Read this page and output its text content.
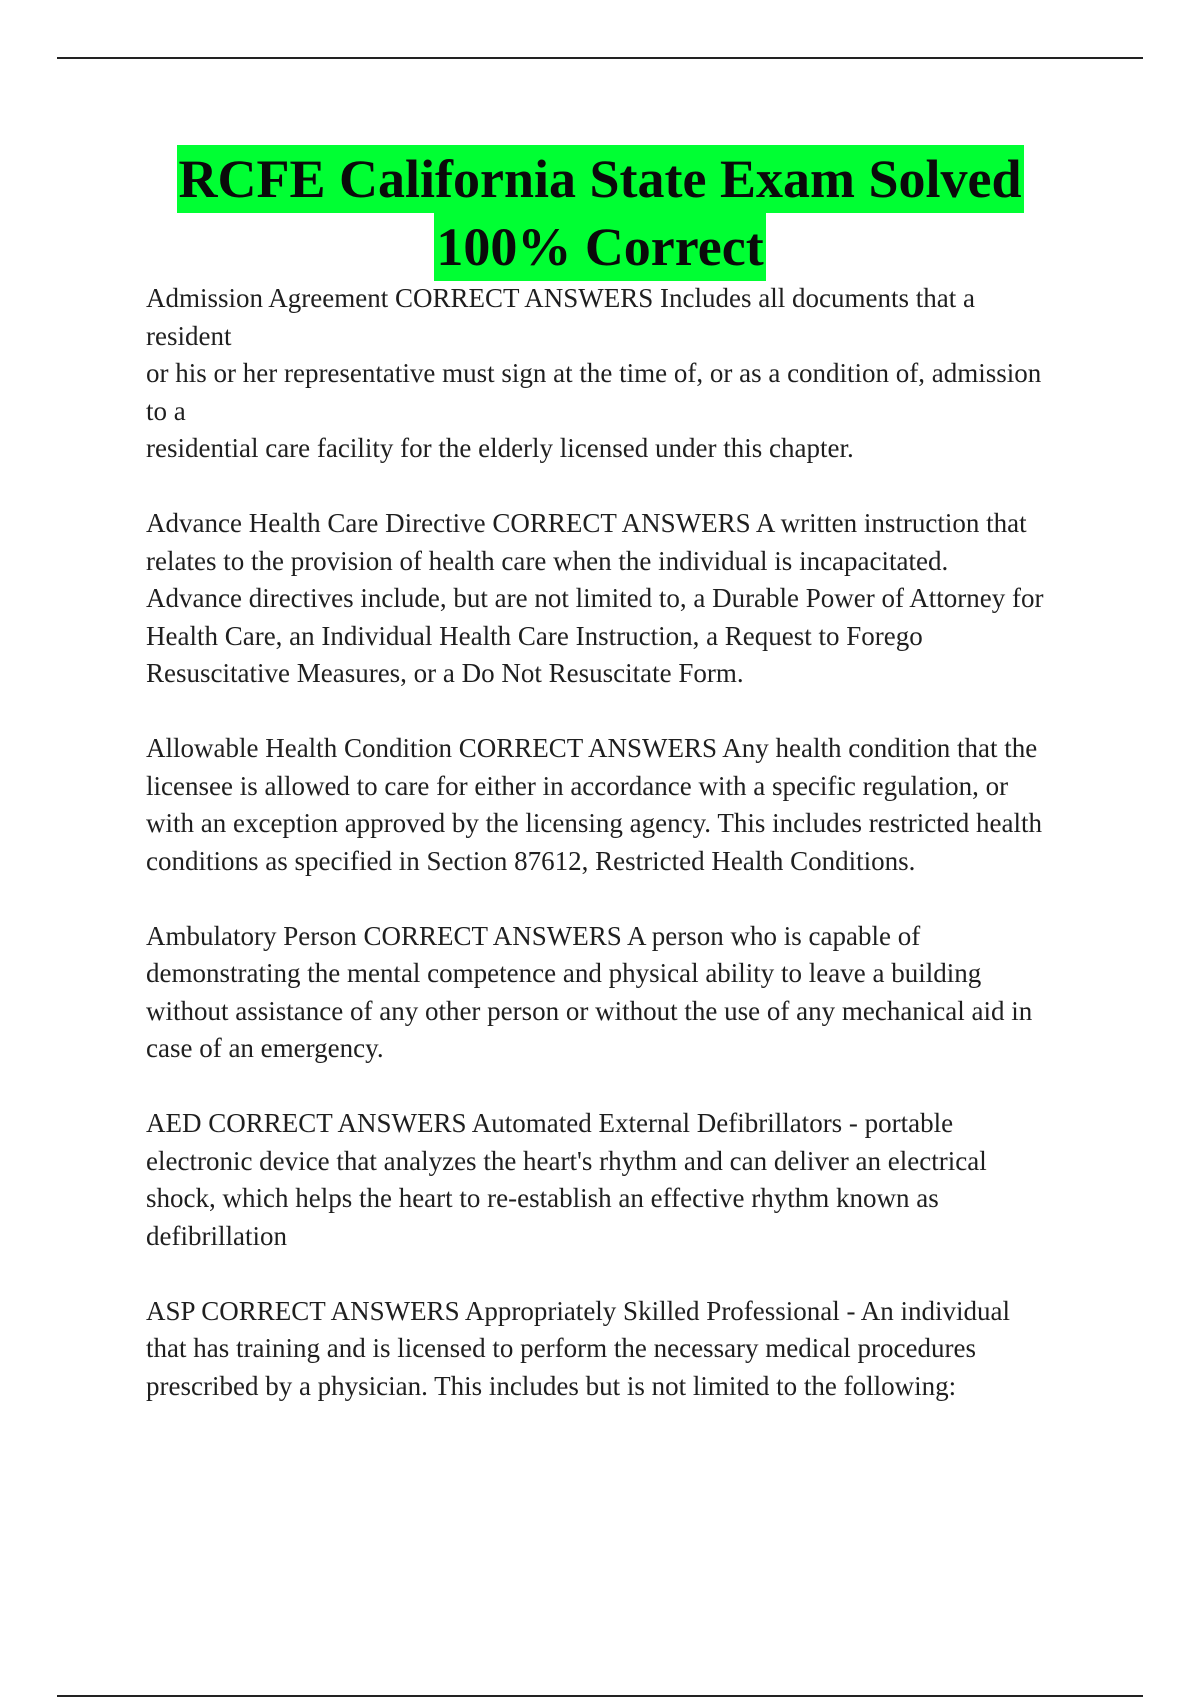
RCFE California State Exam Solved
100% Correct
Admission Agreement CORRECT ANSWERS Includes all documents that a
resident
or his or her representative must sign at the time of, or as a condition of, admission
to a
residential care facility for the elderly licensed under this chapter.
Advance Health Care Directive CORRECT ANSWERS A written instruction that
relates to the provision of health care when the individual is incapacitated.
Advance directives include, but are not limited to, a Durable Power of Attorney for
Health Care, an Individual Health Care Instruction, a Request to Forego
Resuscitative Measures, or a Do Not Resuscitate Form.
Allowable Health Condition CORRECT ANSWERS Any health condition that the
licensee is allowed to care for either in accordance with a specific regulation, or
with an exception approved by the licensing agency. This includes restricted health
conditions as specified in Section 87612, Restricted Health Conditions.
Ambulatory Person CORRECT ANSWERS A person who is capable of
demonstrating the mental competence and physical ability to leave a building
without assistance of any other person or without the use of any mechanical aid in
case of an emergency.
AED CORRECT ANSWERS Automated External Defibrillators - portable
electronic device that analyzes the heart's rhythm and can deliver an electrical
shock, which helps the heart to re-establish an effective rhythm known as
defibrillation
ASP CORRECT ANSWERS Appropriately Skilled Professional - An individual
that has training and is licensed to perform the necessary medical procedures
prescribed by a physician. This includes but is not limited to the following:
